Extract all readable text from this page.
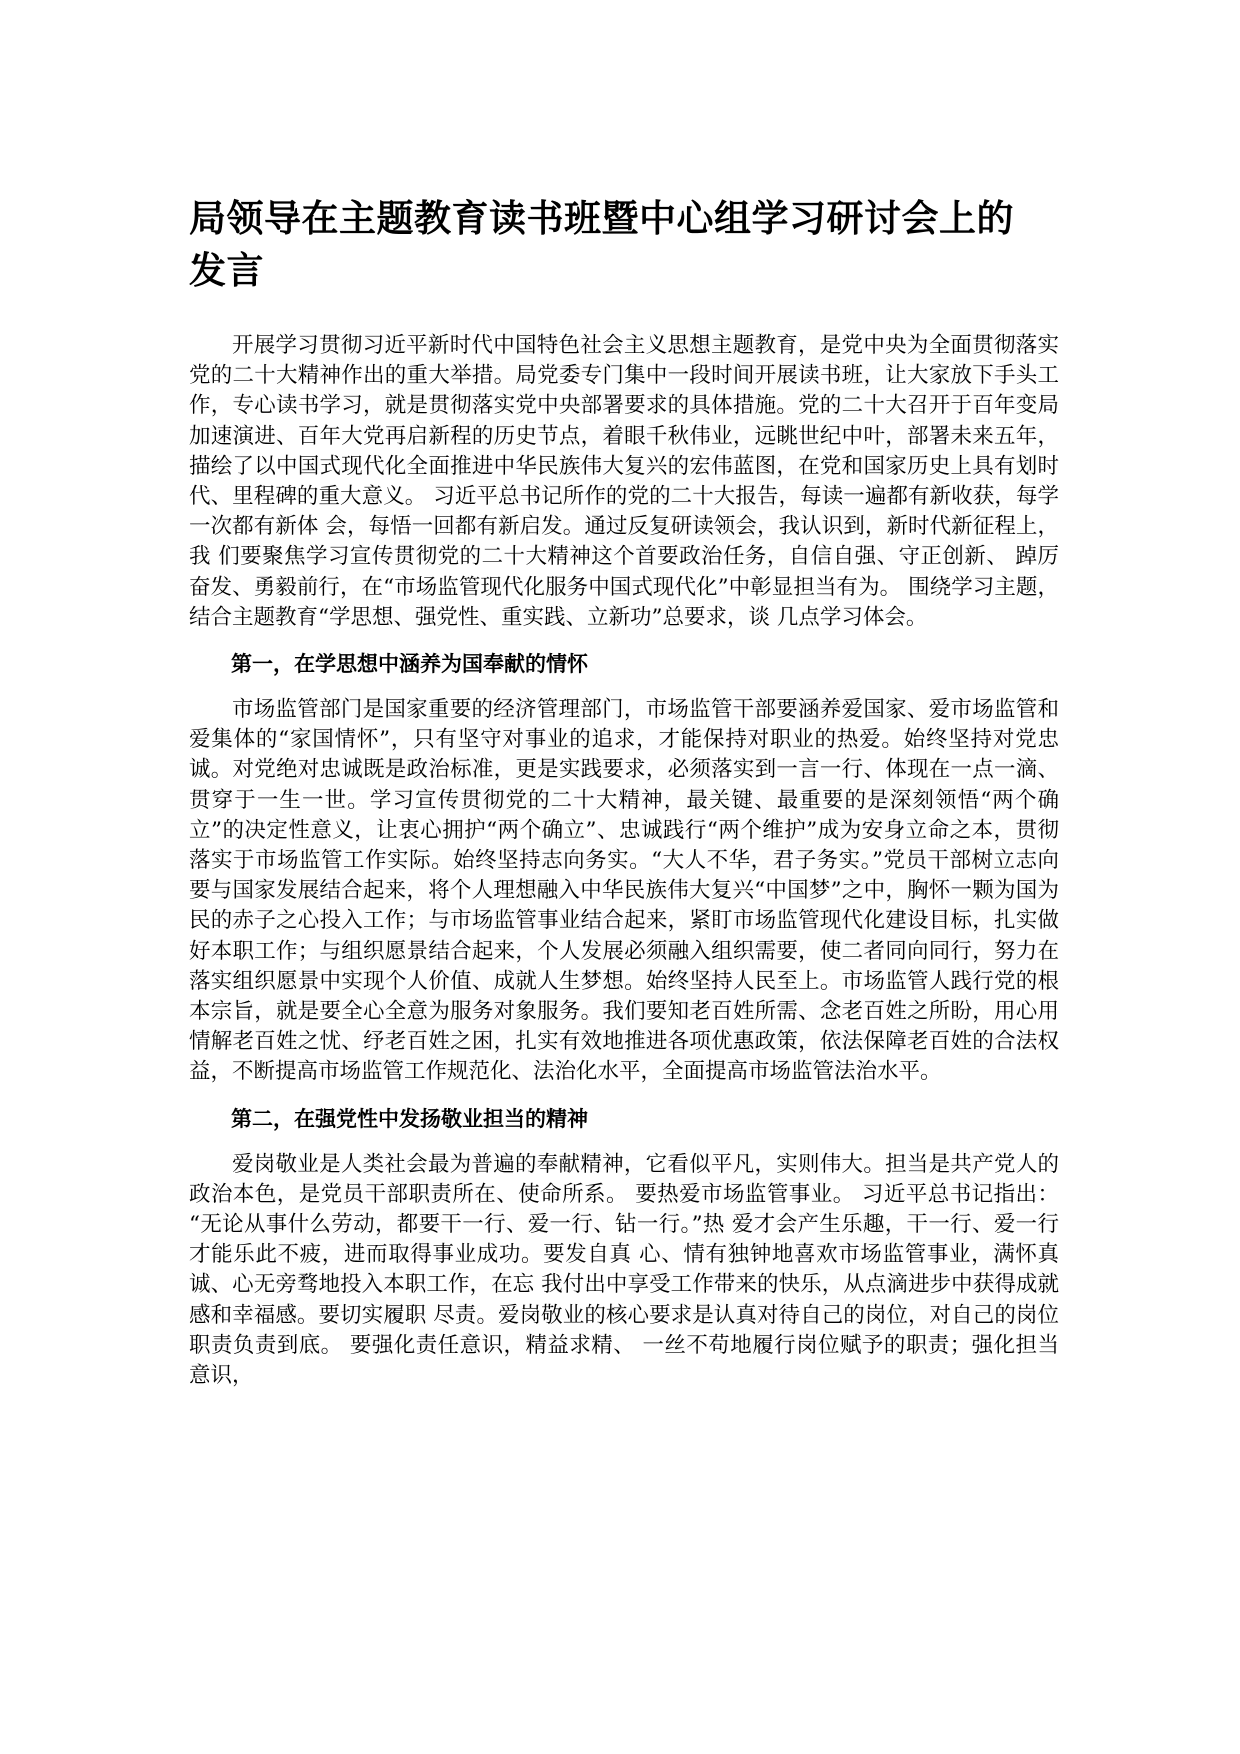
局领导在主题教育读书班暨中心组学习研讨会上的发言

开展学习贯彻习近平新时代中国特色社会主义思想主题教育，是党中央为全面贯彻落实党的二十大精神作出的重大举措。局党委专门集中一段时间开展读书班，让大家放下手头工作，专心读书学习，就是贯彻落实党中央部署要求的具体措施。党的二十大召开于百年变局加速演进、百年大党再启新程的历史节点，着眼千秋伟业，远眺世纪中叶，部署未来五年，描绘了以中国式现代化全面推进中华民族伟大复兴的宏伟蓝图，在党和国家历史上具有划时代、里程碑的重大意义。 习近平总书记所作的党的二十大报告，每读一遍都有新收获，每学一次都有新体 会，每悟一回都有新启发。通过反复研读领会，我认识到，新时代新征程上，我 们要聚焦学习宣传贯彻党的二十大精神这个首要政治任务，自信自强、守正创新、 踔厉奋发、勇毅前行，在“市场监管现代化服务中国式现代化”中彰显担当有为。 围绕学习主题，结合主题教育“学思想、强党性、重实践、立新功”总要求，谈 几点学习体会。

第一，在学思想中涵养为国奉献的情怀

市场监管部门是国家重要的经济管理部门，市场监管干部要涵养爱国家、爱市场监管和爱集体的“家国情怀”，只有坚守对事业的追求，才能保持对职业的热爱。始终坚持对党忠诚。对党绝对忠诚既是政治标准，更是实践要求，必须落实到一言一行、体现在一点一滴、贯穿于一生一世。学习宣传贯彻党的二十大精神，最关键、最重要的是深刻领悟“两个确立”的决定性意义，让衷心拥护“两个确立”、忠诚践行“两个维护”成为安身立命之本，贯彻落实于市场监管工作实际。始终坚持志向务实。“大人不华，君子务实。”党员干部树立志向要与国家发展结合起来，将个人理想融入中华民族伟大复兴“中国梦”之中，胸怀一颗为国为民的赤子之心投入工作；与市场监管事业结合起来，紧盯市场监管现代化建设目标，扎实做好本职工作；与组织愿景结合起来，个人发展必须融入组织需要，使二者同向同行，努力在落实组织愿景中实现个人价值、成就人生梦想。始终坚持人民至上。市场监管人践行党的根本宗旨，就是要全心全意为服务对象服务。我们要知老百姓所需、念老百姓之所盼，用心用情解老百姓之忧、纾老百姓之困，扎实有效地推进各项优惠政策，依法保障老百姓的合法权益，不断提高市场监管工作规范化、法治化水平，全面提高市场监管法治水平。

第二，在强党性中发扬敬业担当的精神

爱岗敬业是人类社会最为普遍的奉献精神，它看似平凡，实则伟大。担当是共产党人的政治本色，是党员干部职责所在、使命所系。 要热爱市场监管事业。 习近平总书记指出： “无论从事什么劳动，都要干一行、爱一行、钻一行。”热 爱才会产生乐趣，干一行、爱一行才能乐此不疲，进而取得事业成功。要发自真 心、情有独钟地喜欢市场监管事业，满怀真诚、心无旁骛地投入本职工作，在忘 我付出中享受工作带来的快乐，从点滴进步中获得成就感和幸福感。要切实履职 尽责。爱岗敬业的核心要求是认真对待自己的岗位，对自己的岗位职责负责到底。 要强化责任意识，精益求精、 一丝不苟地履行岗位赋予的职责；强化担当意识，
